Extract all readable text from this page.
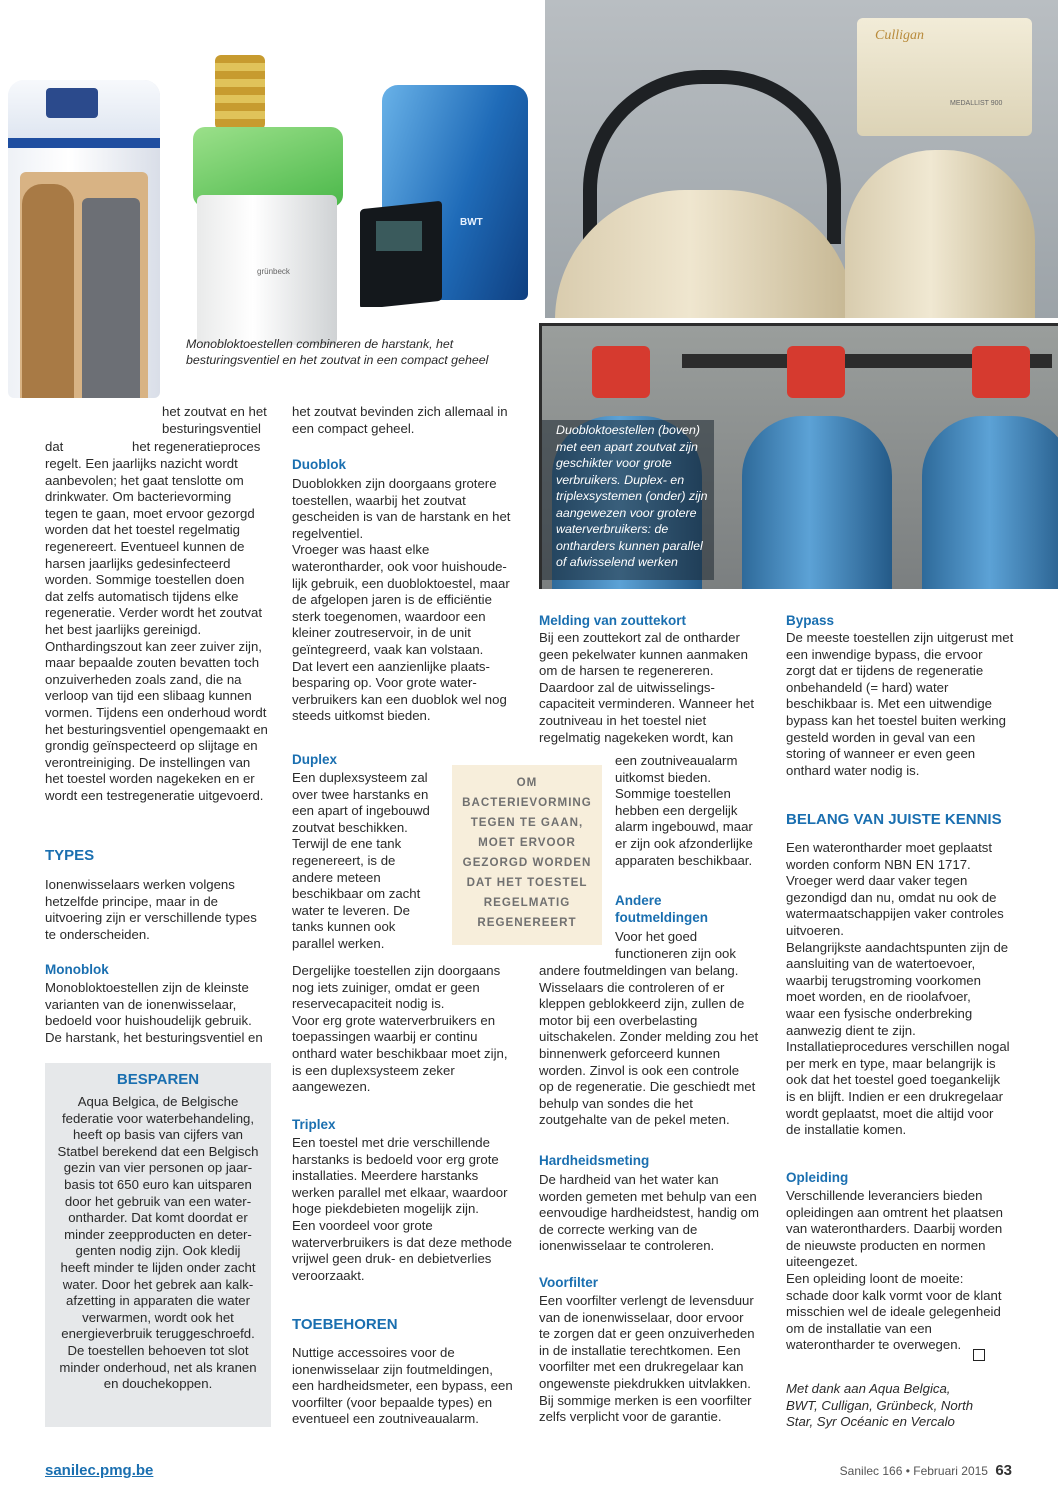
grünbeck
BWT
Culligan
MEDALLIST 900

Duobloktoestellen (boven) met een apart zoutvat zijn geschikter voor grote verbruikers. Duplex- en triplexsystemen (onder) zijn aangewezen voor grotere waterverbruikers: de ontharders kunnen parallel of afwisselend werken

Monobloktoestellen combineren de harstank, het
besturingsventiel en het zoutvat in een compact geheel

het zoutvat en het
besturingsventiel

dat	het regeneratieproces

regelt. Een jaarlijks nazicht wordt
aanbevolen; het gaat tenslotte om
drinkwater. Om bacterievorming
tegen te gaan, moet ervoor gezorgd
worden dat het toestel regelmatig
regenereert. Eventueel kunnen de
harsen jaarlijks gedesinfecteerd
worden. Sommige toestellen doen
dat zelfs automatisch tijdens elke
regeneratie. Verder wordt het zoutvat
het best jaarlijks gereinigd.
Onthardingszout kan zeer zuiver zijn,
maar bepaalde zouten bevatten toch
onzuiverheden zoals zand, die na
verloop van tijd een slibaag kunnen
vormen. Tijdens een onderhoud wordt
het besturingsventiel opengemaakt en
grondig geïnspecteerd op slijtage en
verontreiniging. De instellingen van
het toestel worden nagekeken en er
wordt een testregeneratie uitgevoerd.

TYPES

Ionenwisselaars werken volgens
hetzelfde principe, maar in de
uitvoering zijn er verschillende types
te onderscheiden.

Monoblok

Monobloktoestellen zijn de kleinste
varianten van de ionenwisselaar,
bedoeld voor huishoudelijk gebruik.
De harstank, het besturingsventiel en

BESPAREN

Aqua Belgica, de Belgische
federatie voor waterbehandeling,
heeft op basis van cijfers van
Statbel berekend dat een Belgisch
gezin van vier personen op jaar-
basis tot 650 euro kan uitsparen
door het gebruik van een water-
ontharder. Dat komt doordat er
minder zeepproducten en deter-
genten nodig zijn. Ook kledij
heeft minder te lijden onder zacht
water. Door het gebrek aan kalk-
afzetting in apparaten die water
verwarmen, wordt ook het
energieverbruik teruggeschroefd.
De toestellen behoeven tot slot
minder onderhoud, net als kranen
en douchekoppen.

het zoutvat bevinden zich allemaal in
een compact geheel.

Duoblok

Duoblokken zijn doorgaans grotere
toestellen, waarbij het zoutvat
gescheiden is van de harstank en het
regelventiel.
Vroeger was haast elke
waterontharder, ook voor huishoude-
lijk gebruik, een duobloktoestel, maar
de afgelopen jaren is de efficiëntie
sterk toegenomen, waardoor een
kleiner zoutreservoir, in de unit
geïntegreerd, vaak kan volstaan.
Dat levert een aanzienlijke plaats-
besparing op. Voor grote water-
verbruikers kan een duoblok wel nog
steeds uitkomst bieden.

Duplex

Een duplexsysteem zal
over twee harstanks en
een apart of ingebouwd
zoutvat beschikken.
Terwijl de ene tank
regenereert, is de
andere meteen
beschikbaar om zacht
water te leveren. De
tanks kunnen ook
parallel werken.

Dergelijke toestellen zijn doorgaans
nog iets zuiniger, omdat er geen
reservecapaciteit nodig is.
Voor erg grote waterverbruikers en
toepassingen waarbij er continu
onthard water beschikbaar moet zijn,
is een duplexsysteem zeker
aangewezen.

Triplex

Een toestel met drie verschillende
harstanks is bedoeld voor erg grote
installaties. Meerdere harstanks
werken parallel met elkaar, waardoor
hoge piekdebieten mogelijk zijn.
Een voordeel voor grote
waterverbruikers is dat deze methode
vrijwel geen druk- en debietverlies
veroorzaakt.

TOEBEHOREN

Nuttige accessoires voor de
ionenwisselaar zijn foutmeldingen,
een hardheidsmeter, een bypass, een
voorfilter (voor bepaalde types) en
eventueel een zoutniveaualarm.

OM
BACTERIEVORMING
TEGEN TE GAAN,
MOET ERVOOR
GEZORGD WORDEN
DAT HET TOESTEL
REGELMATIG
REGENEREERT

Melding van zouttekort

Bij een zouttekort zal de ontharder
geen pekelwater kunnen aanmaken
om de harsen te regenereren.
Daardoor zal de uitwisselings-
capaciteit verminderen. Wanneer het
zoutniveau in het toestel niet
regelmatig nagekeken wordt, kan

een zoutniveaualarm
uitkomst bieden.
Sommige toestellen
hebben een dergelijk
alarm ingebouwd, maar
er zijn ook afzonderlijke
apparaten beschikbaar.

Andere
foutmeldingen

Voor het goed
functioneren zijn ook

andere foutmeldingen van belang.
Wisselaars die controleren of er
kleppen geblokkeerd zijn, zullen de
motor bij een overbelasting
uitschakelen. Zonder melding zou het
binnenwerk geforceerd kunnen
worden. Zinvol is ook een controle
op de regeneratie. Die geschiedt met
behulp van sondes die het
zoutgehalte van de pekel meten.

Hardheidsmeting

De hardheid van het water kan
worden gemeten met behulp van een
eenvoudige hardheidstest, handig om
de correcte werking van de
ionenwisselaar te controleren.

Voorfilter

Een voorfilter verlengt de levensduur
van de ionenwisselaar, door ervoor
te zorgen dat er geen onzuiverheden
in de installatie terechtkomen. Een
voorfilter met een drukregelaar kan
ongewenste piekdrukken uitvlakken.
Bij sommige merken is een voorfilter
zelfs verplicht voor de garantie.

Bypass

De meeste toestellen zijn uitgerust met
een inwendige bypass, die ervoor
zorgt dat er tijdens de regeneratie
onbehandeld (= hard) water
beschikbaar is. Met een uitwendige
bypass kan het toestel buiten werking
gesteld worden in geval van een
storing of wanneer er even geen
onthard water nodig is.

BELANG VAN JUISTE KENNIS

Een waterontharder moet geplaatst
worden conform NBN EN 1717.
Vroeger werd daar vaker tegen
gezondigd dan nu, omdat nu ook de
watermaatschappijen vaker controles
uitvoeren.
Belangrijkste aandachtspunten zijn de
aansluiting van de watertoevoer,
waarbij terugstroming voorkomen
moet worden, en de rioolafvoer,
waar een fysische onderbreking
aanwezig dient te zijn.
Installatieprocedures verschillen nogal
per merk en type, maar belangrijk is
ook dat het toestel goed toegankelijk
is en blijft. Indien er een drukregelaar
wordt geplaatst, moet die altijd voor
de installatie komen.

Opleiding

Verschillende leveranciers bieden
opleidingen aan omtrent het plaatsen
van waterontharders. Daarbij worden
de nieuwste producten en normen
uiteengezet.
Een opleiding loont de moeite:
schade door kalk vormt voor de klant
misschien wel de ideale gelegenheid
om de installatie van een
waterontharder te overwegen.

Met dank aan Aqua Belgica,
BWT, Culligan, Grünbeck, North
Star, Syr Océanic en Vercalo

sanilec.pmg.be	Sanilec 166 • Februari 2015 63
